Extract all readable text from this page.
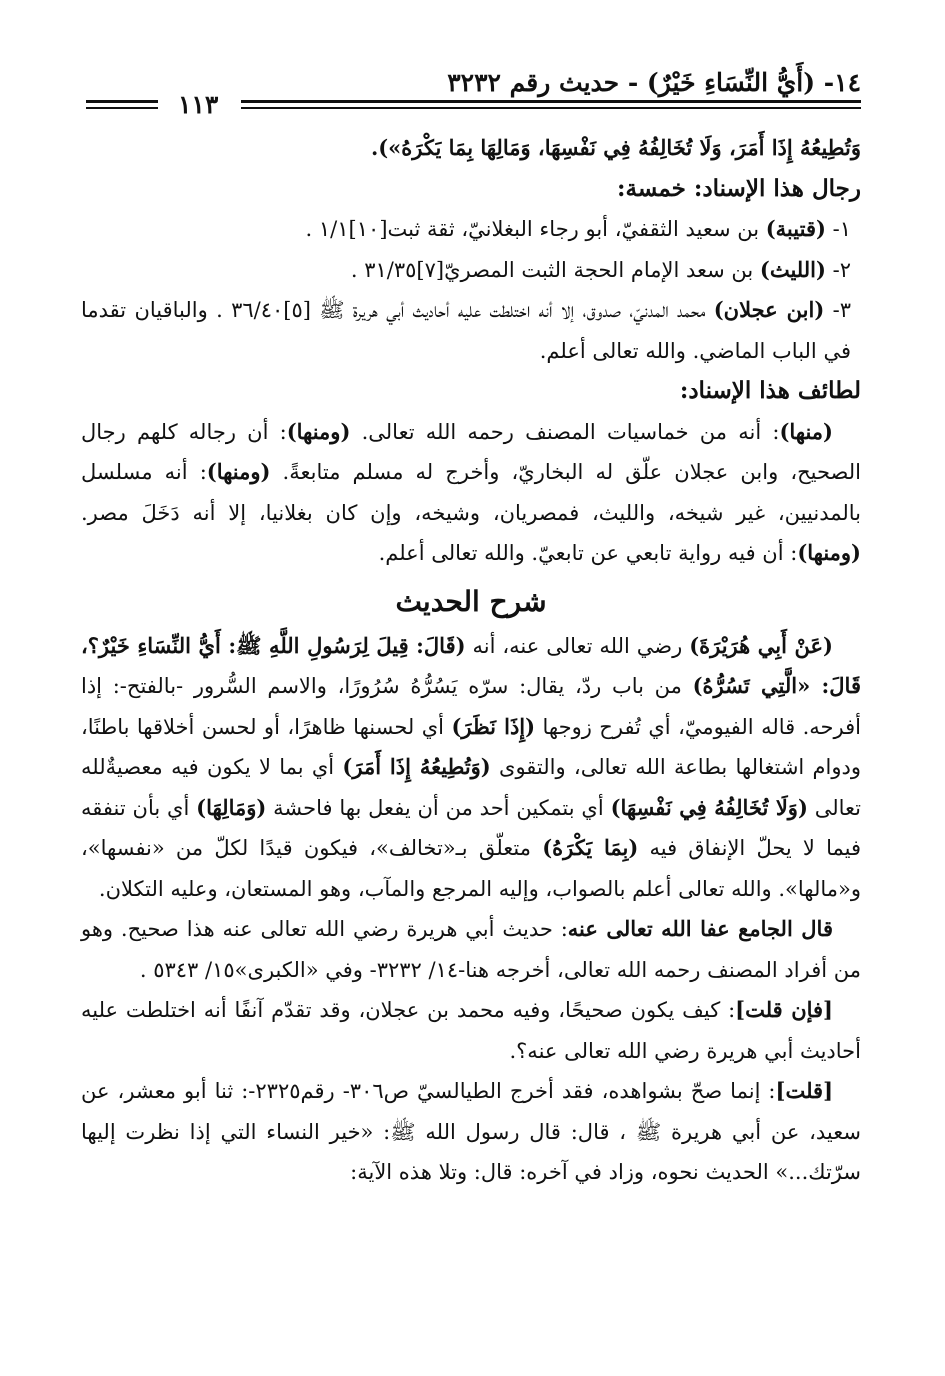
١٤- (أَيُّ النِّسَاءِ خَيْرٌ) - حديث رقم ٣٢٣٢
١١٣

وَتُطِيعُهُ إِذَا أَمَرَ، وَلَا تُخَالِفُهُ فِي نَفْسِهَا، وَمَالِهَا بِمَا يَكْرَهُ»).

رجال هذا الإسناد: خمسة:

١- (قتيبة) بن سعيد الثقفيّ، أبو رجاء البغلانيّ، ثقة ثبت[١٠]١/١ .

٢- (الليث) بن سعد الإمام الحجة الثبت المصريّ[٧]٣١/٣٥ .

٣- (ابن عجلان) محمد المدنيّ، صدوق، إلا أنه اختلطت عليه أحاديث أبي هريرة ﷺ [٥]٣٦/٤٠ . والباقيان تقدما في الباب الماضي. والله تعالى أعلم.

لطائف هذا الإسناد:

(منها): أنه من خماسيات المصنف رحمه الله تعالى. (ومنها): أن رجاله كلهم رجال الصحيح، وابن عجلان علّق له البخاريّ، وأخرج له مسلم متابعةً. (ومنها): أنه مسلسل بالمدنيين، غير شيخه، والليث، فمصريان، وشيخه، وإن كان بغلانيا، إلا أنه دَخَلَ مصر. (ومنها): أن فيه رواية تابعي عن تابعيّ. والله تعالى أعلم.

شرح الحديث

(عَنْ أَبِي هُرَيْرَةَ) رضي الله تعالى عنه، أنه (قَالَ: قِيلَ لِرَسُولِ اللَّهِ ﷺ: أَيُّ النِّسَاءِ خَيْرٌ؟، قَالَ: «الَّتِي تَسُرُّهُ) من باب ردّ، يقال: سرّه يَسُرُّهُ سُرُورًا، والاسم السُّرور -بالفتح-: إذا أفرحه. قاله الفيوميّ، أي تُفرح زوجها (إِذَا نَظَرَ) أي لحسنها ظاهرًا، أو لحسن أخلاقها باطنًا، ودوام اشتغالها بطاعة الله تعالى، والتقوى (وَتُطِيعُهُ إِذَا أَمَرَ) أي بما لا يكون فيه معصيةٌلله تعالى (وَلَا تُخَالِفُهُ فِي نَفْسِهَا) أي بتمكين أحد من أن يفعل بها فاحشة (وَمَالِهَا) أي بأن تنفقه فيما لا يحلّ الإنفاق فيه (بِمَا يَكْرَهُ) متعلّق بـ«تخالف»، فيكون قيدًا لكلّ من «نفسها»، و«مالها». والله تعالى أعلم بالصواب، وإليه المرجع والمآب، وهو المستعان، وعليه التكلان.

قال الجامع عفا الله تعالى عنه: حديث أبي هريرة رضي الله تعالى عنه هذا صحيح. وهو من أفراد المصنف رحمه الله تعالى، أخرجه هنا-١٤/ ٣٢٣٢- وفي «الكبرى»١٥/ ٥٣٤٣ .

[فإن قلت]: كيف يكون صحيحًا، وفيه محمد بن عجلان، وقد تقدّم آنفًا أنه اختلطت عليه أحاديث أبي هريرة رضي الله تعالى عنه؟.

[قلت]: إنما صحّ بشواهده، فقد أخرج الطيالسيّ ص٣٠٦- رقم٢٣٢٥-: ثنا أبو معشر، عن سعيد، عن أبي هريرة ﷺ ، قال: قال رسول الله ﷺ: «خير النساء التي إذا نظرت إليها سرّتك...» الحديث نحوه، وزاد في آخره: قال: وتلا هذه الآية:
